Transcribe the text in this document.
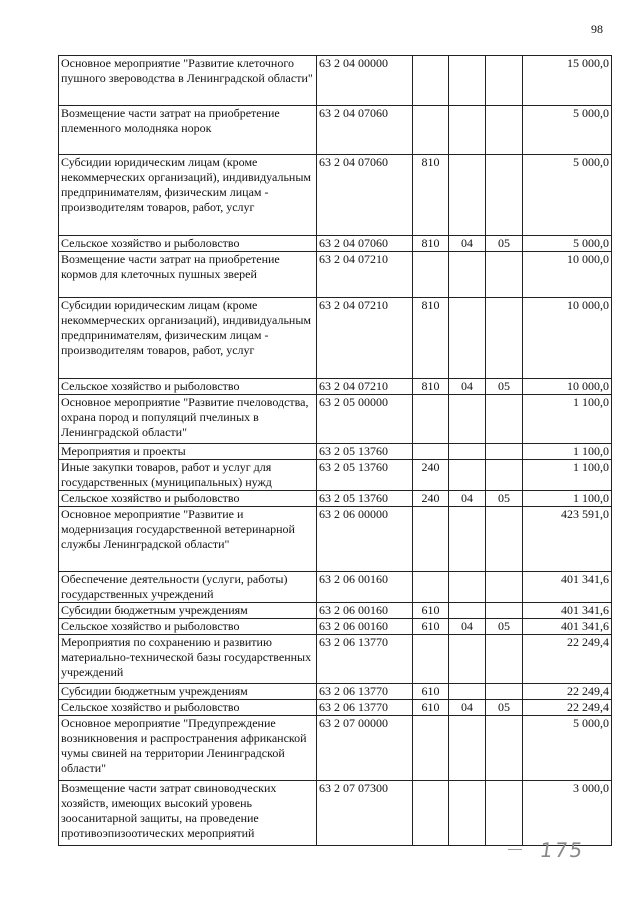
98
Основное мероприятие "Развитие клеточного пушного звероводства в Ленинградской области"	63 2 04 00000				15 000,0
Возмещение части затрат на приобретение племенного молодняка норок	63 2 04 07060				5 000,0
Субсидии юридическим лицам (кроме некоммерческих организаций), индивидуальным предпринимателям, физическим лицам - производителям товаров, работ, услуг	63 2 04 07060	810			5 000,0
Сельское хозяйство и рыболовство	63 2 04 07060	810	04	05	5 000,0
Возмещение части затрат на приобретение кормов для клеточных пушных зверей	63 2 04 07210				10 000,0
Субсидии юридическим лицам (кроме некоммерческих организаций), индивидуальным предпринимателям, физическим лицам - производителям товаров, работ, услуг	63 2 04 07210	810			10 000,0
Сельское хозяйство и рыболовство	63 2 04 07210	810	04	05	10 000,0
Основное мероприятие "Развитие пчеловодства, охрана пород и популяций пчелиных в Ленинградской области"	63 2 05 00000				1 100,0
Мероприятия и проекты	63 2 05 13760				1 100,0
Иные закупки товаров, работ и услуг для государственных (муниципальных) нужд	63 2 05 13760	240			1 100,0
Сельское хозяйство и рыболовство	63 2 05 13760	240	04	05	1 100,0
Основное мероприятие "Развитие и модернизация государственной ветеринарной службы Ленинградской области"	63 2 06 00000				423 591,0
Обеспечение деятельности (услуги, работы) государственных учреждений	63 2 06 00160				401 341,6
Субсидии бюджетным учреждениям	63 2 06 00160	610			401 341,6
Сельское хозяйство и рыболовство	63 2 06 00160	610	04	05	401 341,6
Мероприятия по сохранению и развитию материально-технической базы государственных учреждений	63 2 06 13770				22 249,4
Субсидии бюджетным учреждениям	63 2 06 13770	610			22 249,4
Сельское хозяйство и рыболовство	63 2 06 13770	610	04	05	22 249,4
Основное мероприятие "Предупреждение возникновения и распространения африканской чумы свиней на территории Ленинградской области"	63 2 07 00000				5 000,0
Возмещение части затрат свиноводческих хозяйств, имеющих высокий уровень зоосанитарной защиты, на проведение противоэпизоотических мероприятий	63 2 07 07300				3 000,0
175
